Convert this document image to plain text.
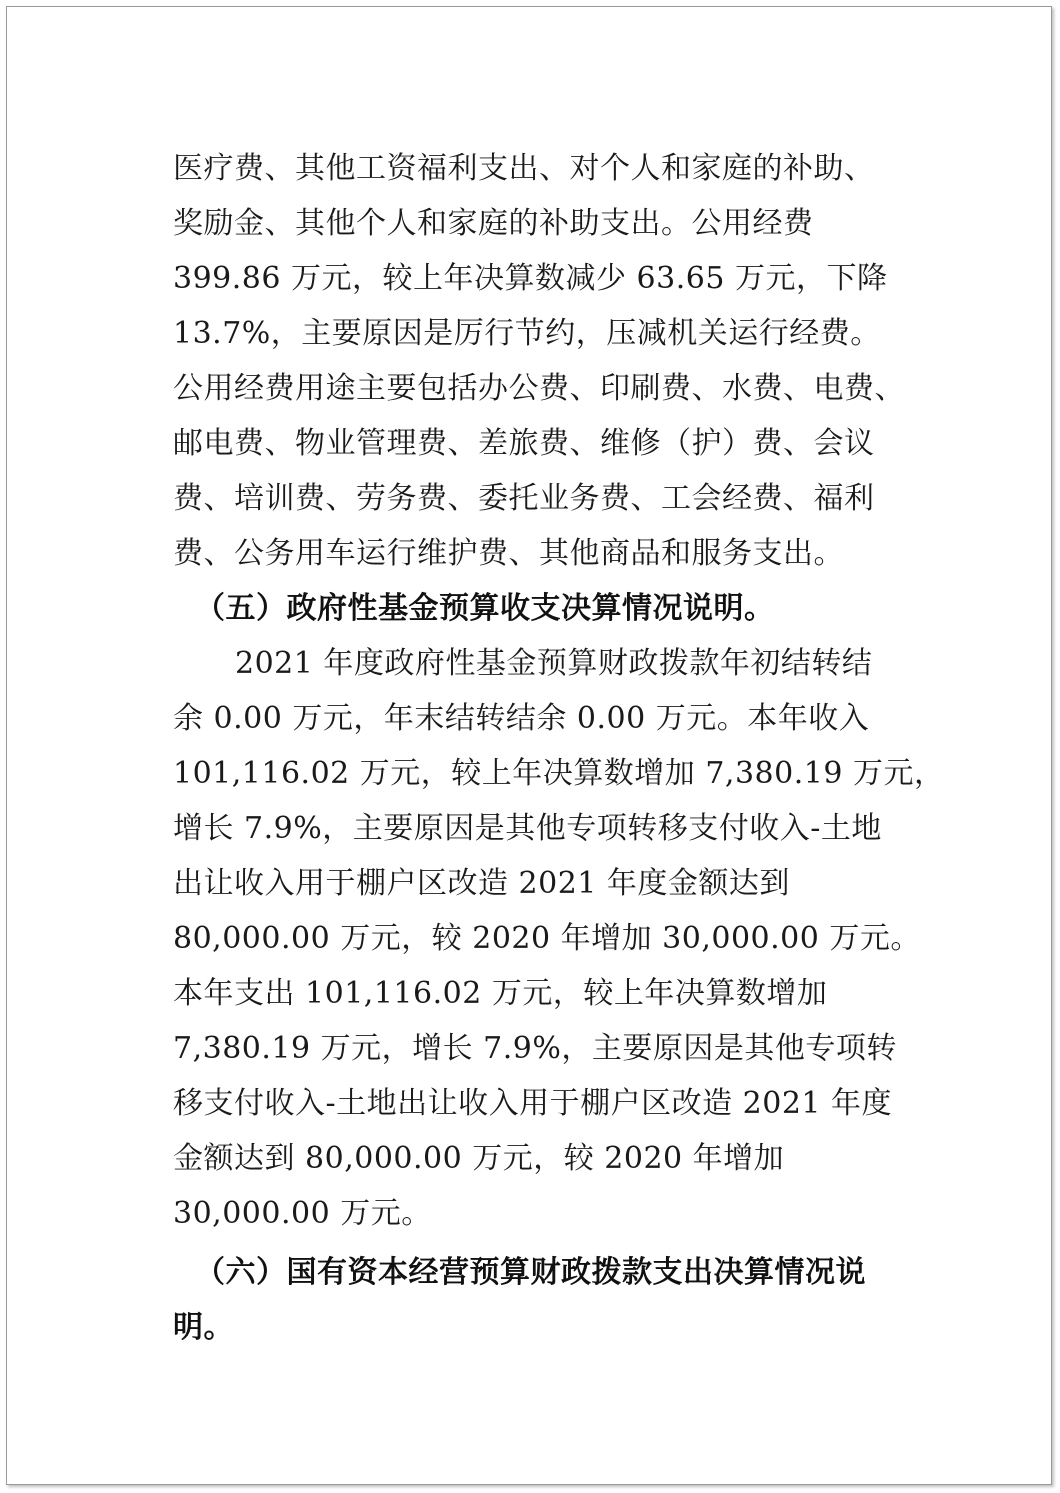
医疗费、其他工资福利支出、对个人和家庭的补助、
奖励金、其他个人和家庭的补助支出。公用经费
399.86 万元，较上年决算数减少 63.65 万元，下降
13.7%，主要原因是厉行节约，压减机关运行经费。
公用经费用途主要包括办公费、印刷费、水费、电费、
邮电费、物业管理费、差旅费、维修（护）费、会议
费、培训费、劳务费、委托业务费、工会经费、福利
费、公务用车运行维护费、其他商品和服务支出。
（五）政府性基金预算收支决算情况说明。
2021 年度政府性基金预算财政拨款年初结转结
余 0.00 万元，年末结转结余 0.00 万元。本年收入
101,116.02 万元，较上年决算数增加 7,380.19 万元，
增长 7.9%，主要原因是其他专项转移支付收入-土地
出让收入用于棚户区改造 2021 年度金额达到
80,000.00 万元，较 2020 年增加 30,000.00 万元。
本年支出 101,116.02 万元，较上年决算数增加
7,380.19 万元，增长 7.9%，主要原因是其他专项转
移支付收入-土地出让收入用于棚户区改造 2021 年度
金额达到 80,000.00 万元，较 2020 年增加
30,000.00 万元。
（六）国有资本经营预算财政拨款支出决算情况说
明。
